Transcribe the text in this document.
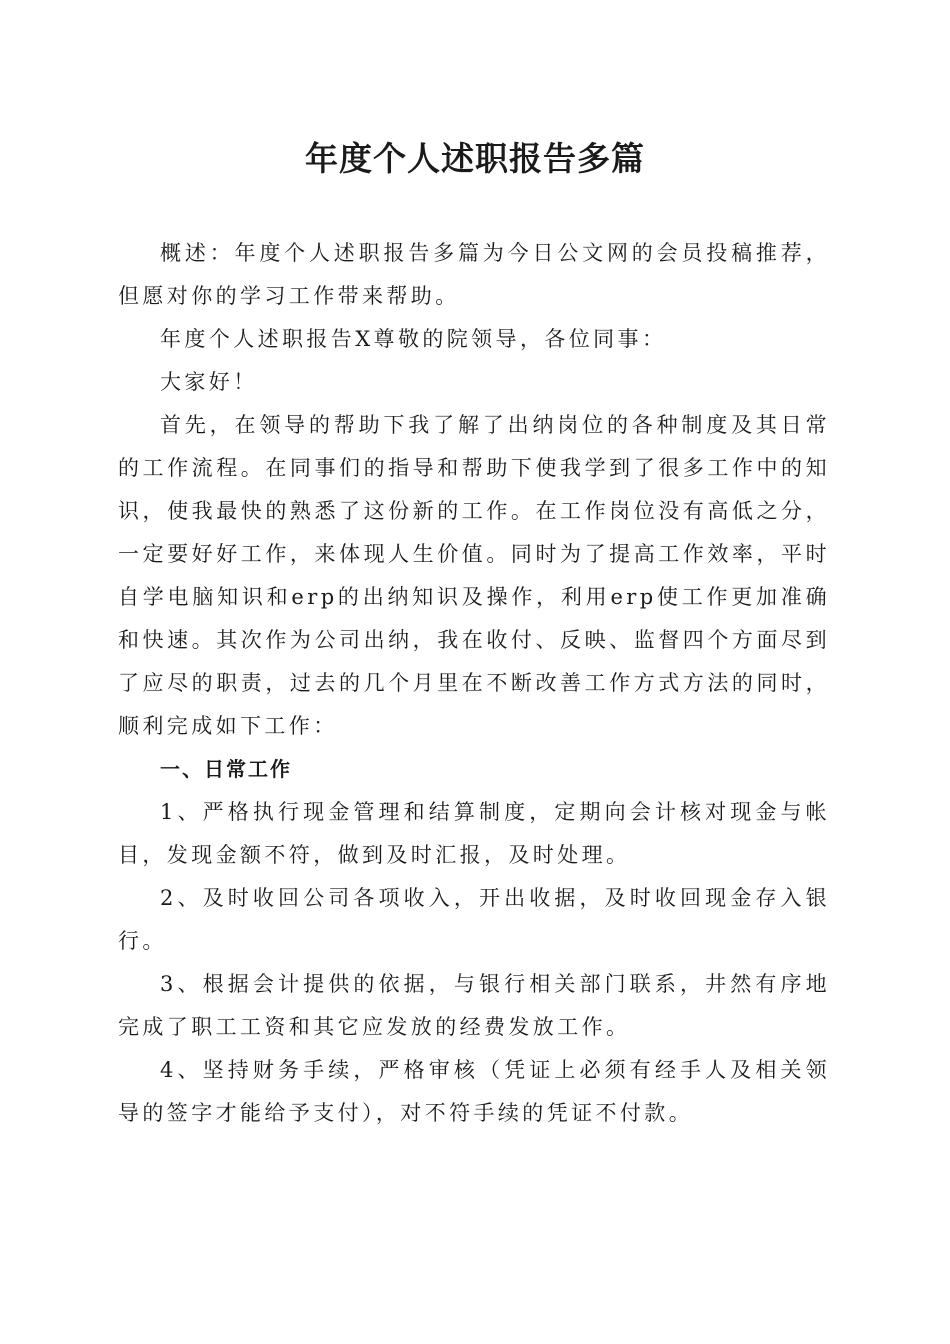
年度个人述职报告多篇

概述：年度个人述职报告多篇为今日公文网的会员投稿推荐，但愿对你的学习工作带来帮助。

年度个人述职报告X尊敬的院领导，各位同事：

大家好！

首先，在领导的帮助下我了解了出纳岗位的各种制度及其日常的工作流程。在同事们的指导和帮助下使我学到了很多工作中的知识，使我最快的熟悉了这份新的工作。在工作岗位没有高低之分，一定要好好工作，来体现人生价值。同时为了提高工作效率，平时自学电脑知识和erp的出纳知识及操作，利用erp使工作更加准确和快速。其次作为公司出纳，我在收付、反映、监督四个方面尽到了应尽的职责，过去的几个月里在不断改善工作方式方法的同时，顺利完成如下工作：

一、日常工作

1、严格执行现金管理和结算制度，定期向会计核对现金与帐目，发现金额不符，做到及时汇报，及时处理。

2、及时收回公司各项收入，开出收据，及时收回现金存入银行。

3、根据会计提供的依据，与银行相关部门联系，井然有序地完成了职工工资和其它应发放的经费发放工作。

4、坚持财务手续，严格审核（凭证上必须有经手人及相关领导的签字才能给予支付），对不符手续的凭证不付款。
